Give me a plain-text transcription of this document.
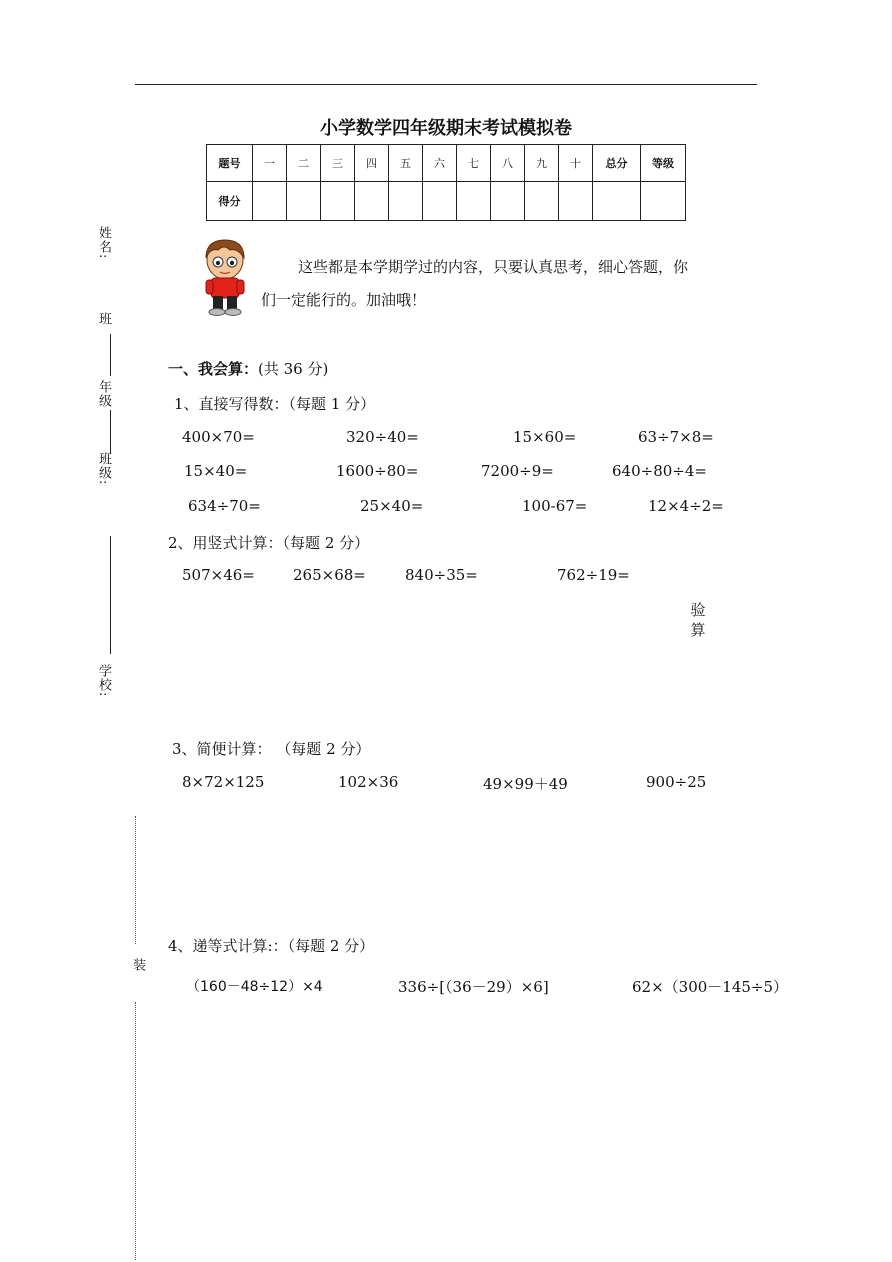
小学数学四年级期末考试模拟卷
题号	一	二	三	四	五	六	七	八	九	十	总分	等级
得分												
姓名:
班
年级
班级:
学校:
装
这些都是本学期学过的内容，只要认真思考，细心答题，你
们一定能行的。加油哦！
一、我会算：(共 36 分)
1、直接写得数：（每题 1 分）
400×70=	320÷40=	15×60=	63÷7×8=
15×40=	1600÷80=	7200÷9=	640÷80÷4=
634÷70=	25×40=	100-67=	12×4÷2=
2、用竖式计算：（每题 2 分）
507×46=	265×68=	840÷35=	762÷19=
验算
3、简便计算： （每题 2 分）
8×72×125	102×36	49×99＋49	900÷25
4、递等式计算:：（每题 2 分）
（160－48÷12）×4	336÷[（36－29）×6]	62×（300－145÷5）
